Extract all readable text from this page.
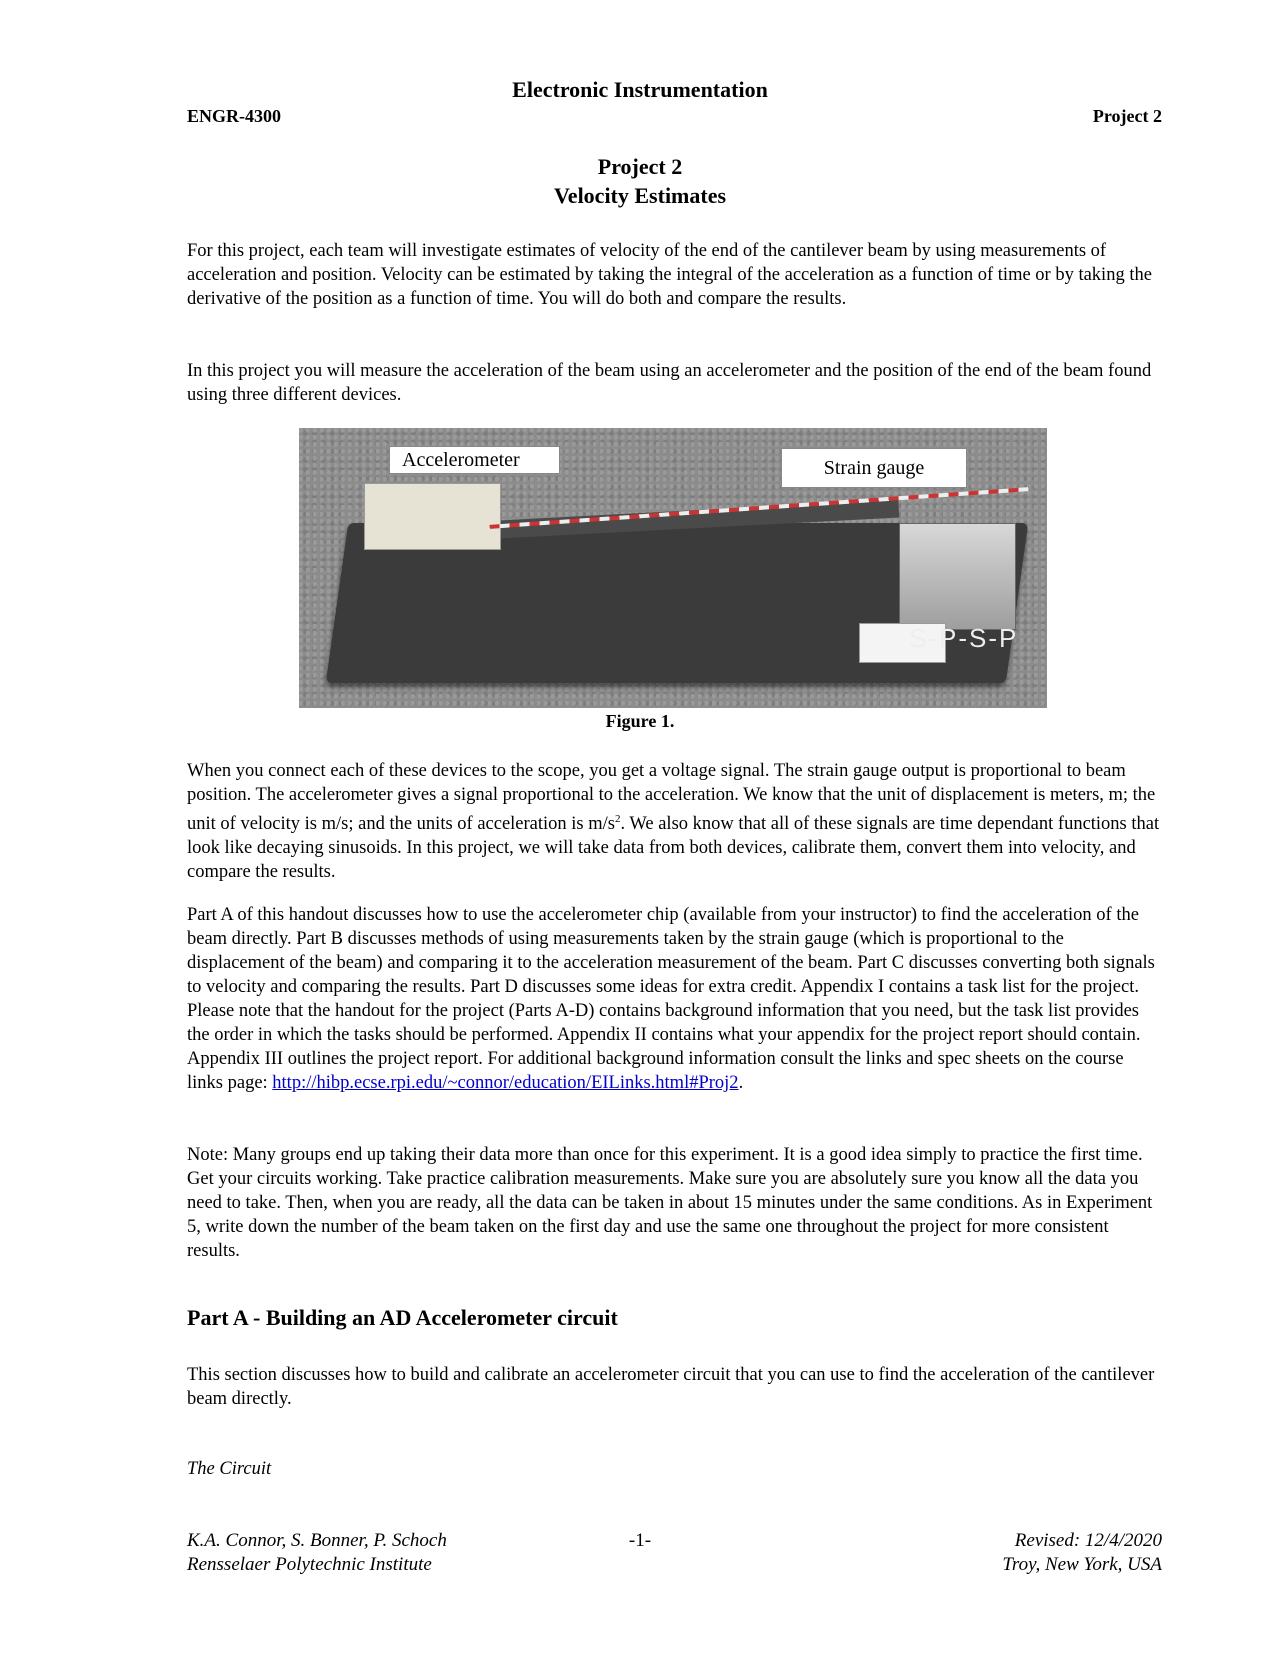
Electronic Instrumentation
ENGR-4300	Project 2
Project 2
Velocity Estimates

For this project, each team will investigate estimates of velocity of the end of the cantilever beam by using measurements of acceleration and position. Velocity can be estimated by taking the integral of the acceleration as a function of time or by taking the derivative of the position as a function of time. You will do both and compare the results.

In this project you will measure the acceleration of the beam using an accelerometer and the position of the end of the beam found using three different devices.

S-P-S-P
Accelerometer	Strain gauge
Figure 1.

When you connect each of these devices to the scope, you get a voltage signal. The strain gauge output is proportional to beam position. The accelerometer gives a signal proportional to the acceleration. We know that the unit of displacement is meters, m; the unit of velocity is m/s; and the units of acceleration is $m/s^2$. We also know that all of these signals are time dependant functions that look like decaying sinusoids. In this project, we will take data from both devices, calibrate them, convert them into velocity, and compare the results.

Part A of this handout discusses how to use the accelerometer chip (available from your instructor) to find the acceleration of the beam directly. Part B discusses methods of using measurements taken by the strain gauge (which is proportional to the displacement of the beam) and comparing it to the acceleration measurement of the beam. Part C discusses converting both signals to velocity and comparing the results. Part D discusses some ideas for extra credit. Appendix I contains a task list for the project. Please note that the handout for the project (Parts A-D) contains background information that you need, but the task list provides the order in which the tasks should be performed. Appendix II contains what your appendix for the project report should contain. Appendix III outlines the project report. For additional background information consult the links and spec sheets on the course links page: http://hibp.ecse.rpi.edu/~connor/education/EILinks.html#Proj2.

Note: Many groups end up taking their data more than once for this experiment. It is a good idea simply to practice the first time. Get your circuits working. Take practice calibration measurements. Make sure you are absolutely sure you know all the data you need to take. Then, when you are ready, all the data can be taken in about 15 minutes under the same conditions. As in Experiment 5, write down the number of the beam taken on the first day and use the same one throughout the project for more consistent results.

Part A - Building an AD Accelerometer circuit

This section discusses how to build and calibrate an accelerometer circuit that you can use to find the acceleration of the cantilever beam directly.

The Circuit

K.A. Connor, S. Bonner, P. Schoch
Rensselaer Polytechnic Institute
-1-	Revised: 12/4/2020
Troy, New York, USA
